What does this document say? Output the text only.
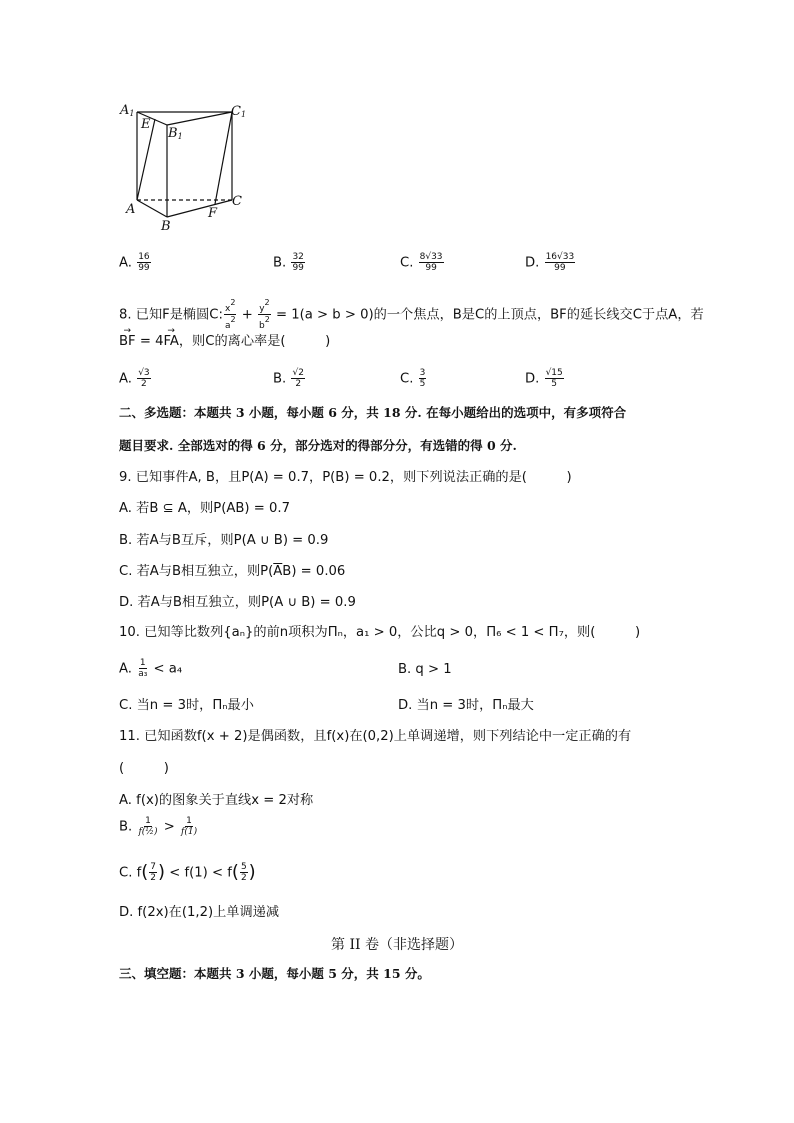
$A_1$	$C_1$
E
$B_1$
A
B
C
F
A. $\frac{16}{99}$	B. $\frac{32}{99}$	C. $\frac{8√33}{99}$	D. $\frac{16√33}{99}$
8. 已知F是椭圆C: $\frac{x2}{a2} + \frac{y2}{b2} = 1(a > b > 0)$的一个焦点，B是C的上顶点，BF的延长线交C于点A，若
→ BF = 4→ FA，则C的离心率是(　　　)
A. $\frac{√3}{2}$	B. $\frac{√2}{2}$	C. $\frac{3}{5}$	D. $\frac{√15}{5}$
二、多选题：本题共 3 小题，每小题 6 分，共 18 分. 在每小题给出的选项中，有多项符合
题目要求. 全部选对的得 6 分，部分选对的得部分分，有选错的得 0 分.
9. 已知事件A, B，且P(A) = 0.7，P(B) = 0.2，则下列说法正确的是(　　　)
A. 若B ⊆ A，则P(AB) = 0.7
B. 若A与B互斥，则P(A ∪ B) = 0.9
C. 若A与B相互独立，则$P(\overline{A}B) = 0.06$
D. 若A与B相互独立，则P(A ∪ B) = 0.9
10. 已知等比数列{aₙ}的前n项积为Πₙ，a₁ > 0，公比q > 0，Π₆ < 1 < Π₇，则(　　　)
A. $\frac{1}{\text{a₃}} < a_4$	B. q > 1
C. 当n = 3时，Πₙ最小	D. 当n = 3时，Πₙ最大
11. 已知函数f(x + 2)是偶函数，且f(x)在(0,2)上单调递增，则下列结论中一定正确的有
(　　　)
A. f(x)的图象关于直线x = 2对称
B. $\frac{1}{\text{f(½)}} > \frac{1}{f(1)}$
C. $f( \frac{7}{2}$ ) < $f(1) < f( \frac{5}{2}$ )
D. f(2x)在(1,2)上单调递减
第 II 卷（非选择题）
三、填空题：本题共 3 小题，每小题 5 分，共 15 分。
